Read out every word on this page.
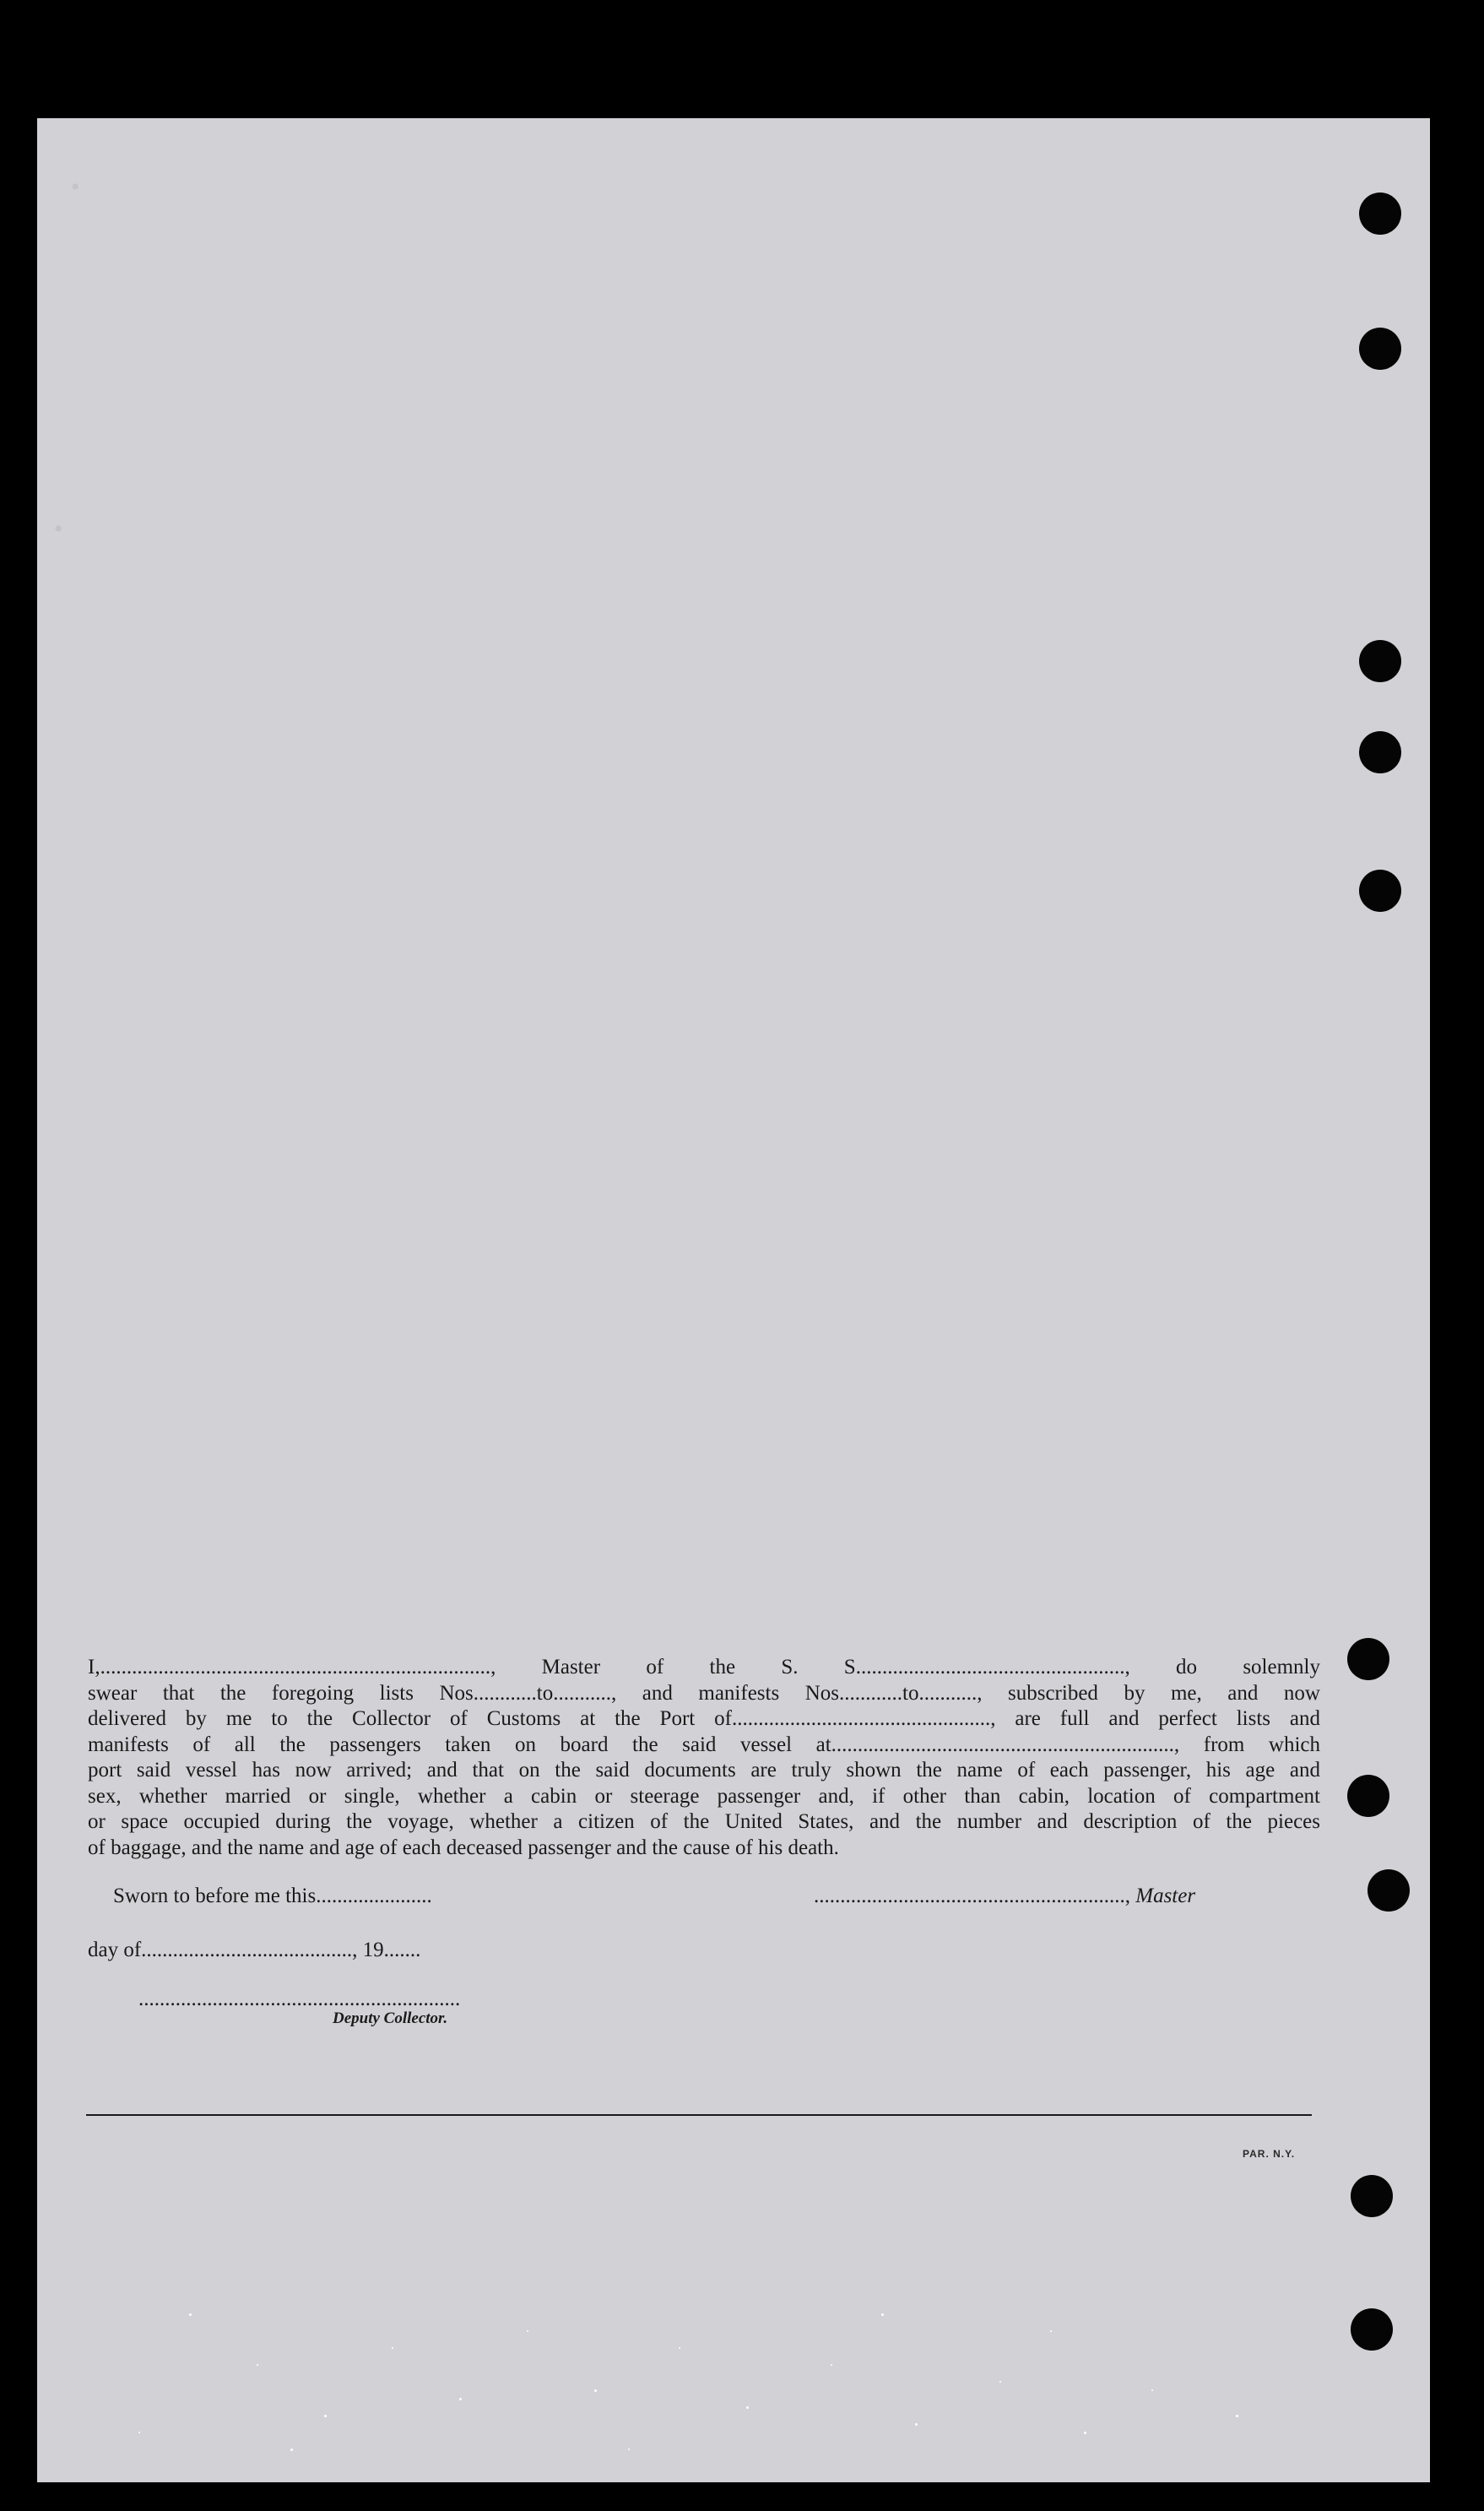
•
•
I,.........................................................................., Master of the S. S..................................................., do solemnly
swear that the foregoing lists Nos............to..........., and manifests Nos............to..........., subscribed by me, and now
delivered by me to the Collector of Customs at the Port of................................................., are full and perfect lists and
manifests of all the passengers taken on board the said vessel at................................................................., from which
port said vessel has now arrived; and that on the said documents are truly shown the name of each passenger, his age and
sex, whether married or single, whether a cabin or steerage passenger and, if other than cabin, location of compartment
or space occupied during the voyage, whether a citizen of the United States, and the number and description of the pieces
of baggage, and the name and age of each deceased passenger and the cause of his death.
Sworn to before me this......................	..........................................................., Master
day of........................................, 19.......
.............................................................
Deputy Collector.
PAR. N.Y.
